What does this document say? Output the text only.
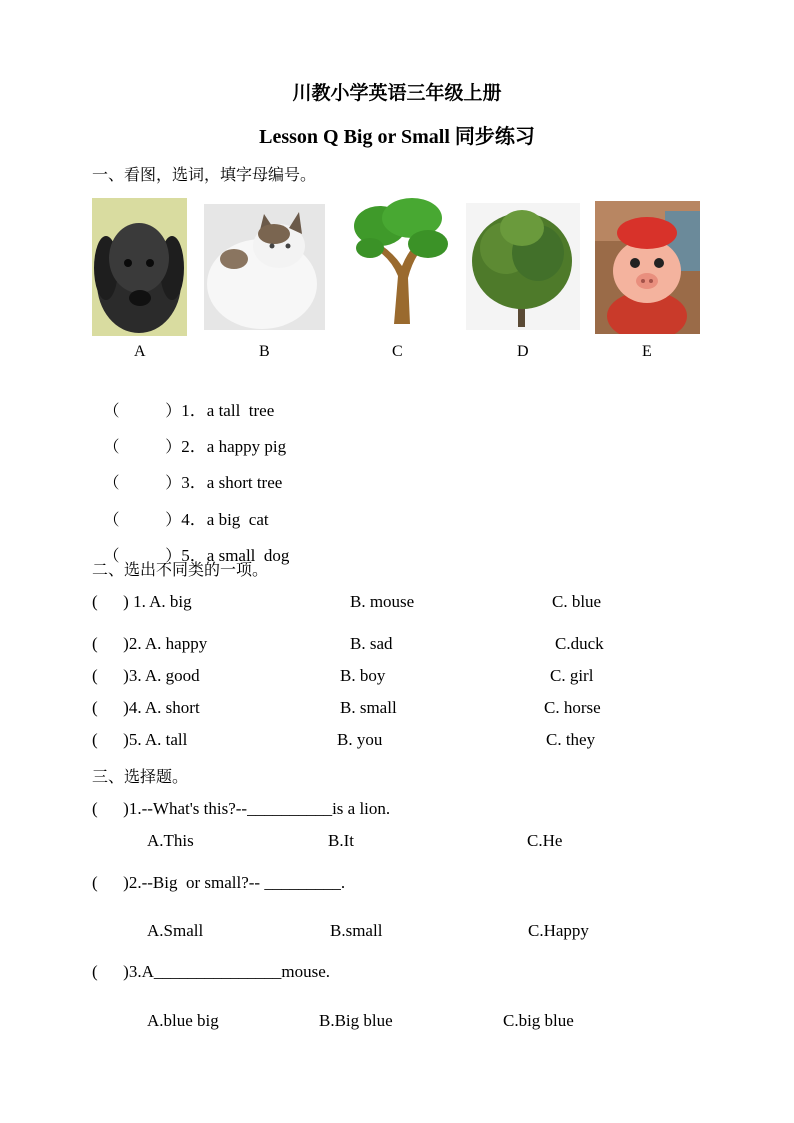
川教小学英语三年级上册
Lesson Q Big or Small 同步练习
一、看图，选词，填字母编号。
A	B	C	D	E

（         ）1．a tall  tree

（         ）2．a happy pig

（         ）3．a short tree

（         ）4．a big  cat

（         ）5．a small  dog

二、选出不同类的一项。
(      ) 1. A. big	B. mouse	C. blue
(      )2. A. happy	B. sad	C.duck
(      )3. A. good	B. boy	C. girl
(      )4. A. short	B. small	C. horse
(      )5. A. tall	B. you	C. they
三、选择题。
(      )1.--What's this?--__________is a lion.
A.This	B.It	C.He
(      )2.--Big  or small?-- _________.
A.Small	B.small	C.Happy
(      )3.A_______________mouse.
A.blue big	B.Big blue	C.big blue
